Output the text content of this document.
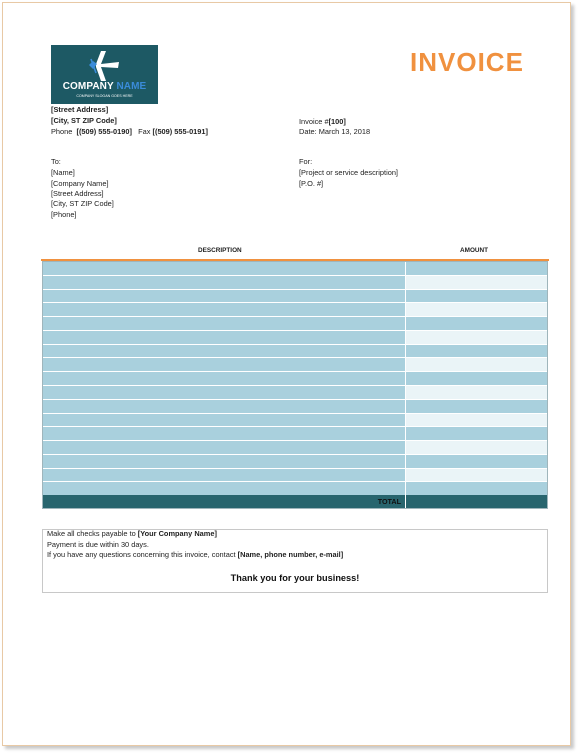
COMPANY NAME
COMPANY SLOGAN GOES HERE
INVOICE
[Street Address]
[City, ST ZIP Code]
Phone [(509) 555-0190] Fax [(509) 555-0191]
Invoice #[100]
Date: March 13, 2018
To:
[Name]
[Company Name]
[Street Address]
[City, ST ZIP Code]
[Phone]
For:
[Project or service description]
[P.O. #]
DESCRIPTION	AMOUNT
TOTAL
Make all checks payable to [Your Company Name]
Payment is due within 30 days.
If you have any questions concerning this invoice, contact [Name, phone number, e-mail]
Thank you for your business!
